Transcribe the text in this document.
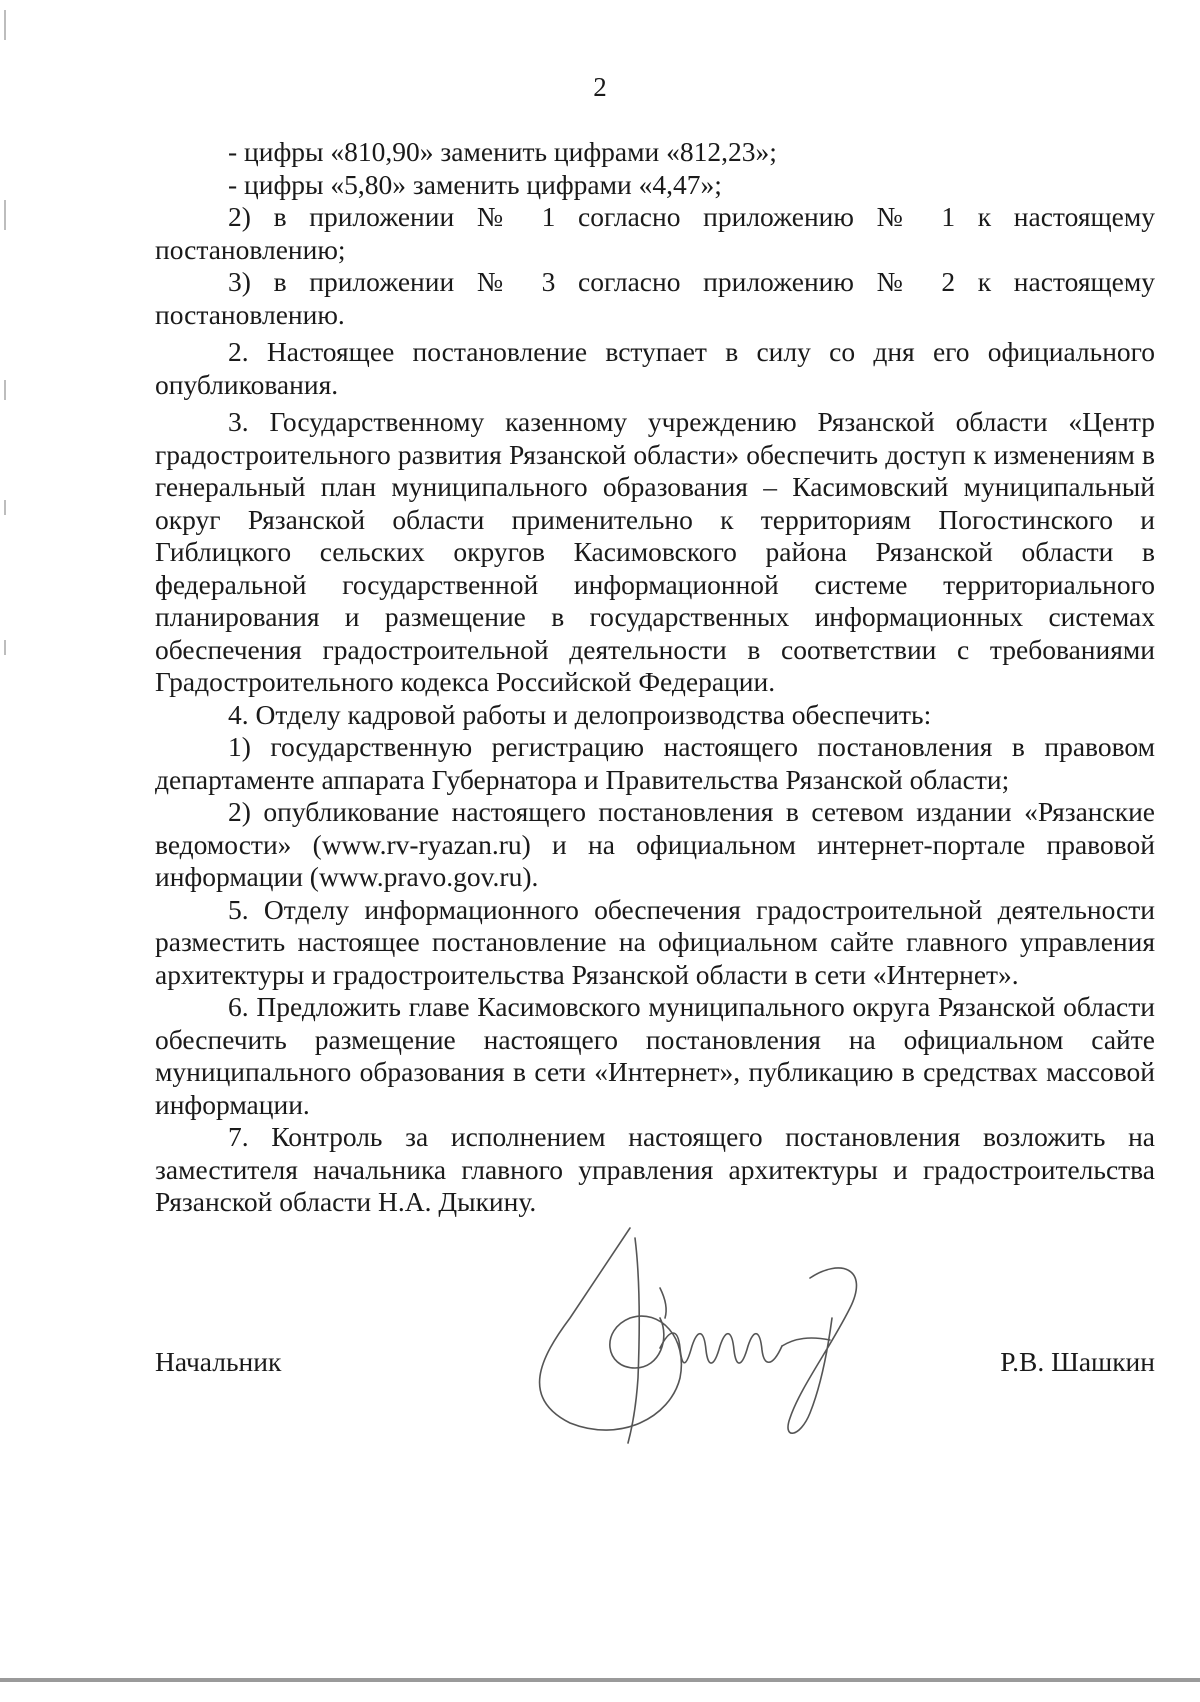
2

- цифры «810,90» заменить цифрами «812,23»;

- цифры «5,80» заменить цифрами «4,47»;

2) в приложении № 1 согласно приложению № 1 к настоящему постановлению;

3) в приложении № 3 согласно приложению № 2 к настоящему постановлению.

2. Настоящее постановление вступает в силу со дня его официального опубликования.

3. Государственному казенному учреждению Рязанской области «Центр градостроительного развития Рязанской области» обеспечить доступ к изменениям в генеральный план муниципального образования – Касимовский муниципальный округ Рязанской области применительно к территориям Погостинского и Гиблицкого сельских округов Касимовского района Рязанской области в федеральной государственной информационной системе территориального планирования и размещение в государственных информационных системах обеспечения градостроительной деятельности в соответствии с требованиями Градостроительного кодекса Российской Федерации.

4. Отделу кадровой работы и делопроизводства обеспечить:

1) государственную регистрацию настоящего постановления в правовом департаменте аппарата Губернатора и Правительства Рязанской области;

2) опубликование настоящего постановления в сетевом издании «Рязанские ведомости» (www.rv-ryazan.ru) и на официальном интернет-портале правовой информации (www.pravo.gov.ru).

5. Отделу информационного обеспечения градостроительной деятельности разместить настоящее постановление на официальном сайте главного управления архитектуры и градостроительства Рязанской области в сети «Интернет».

6. Предложить главе Касимовского муниципального округа Рязанской области обеспечить размещение настоящего постановления на официальном сайте муниципального образования в сети «Интернет», публикацию в средствах массовой информации.

7. Контроль за исполнением настоящего постановления возложить на заместителя начальника главного управления архитектуры и градостроительства Рязанской области Н.А. Дыкину.

Начальник	Р.В. Шашкин
